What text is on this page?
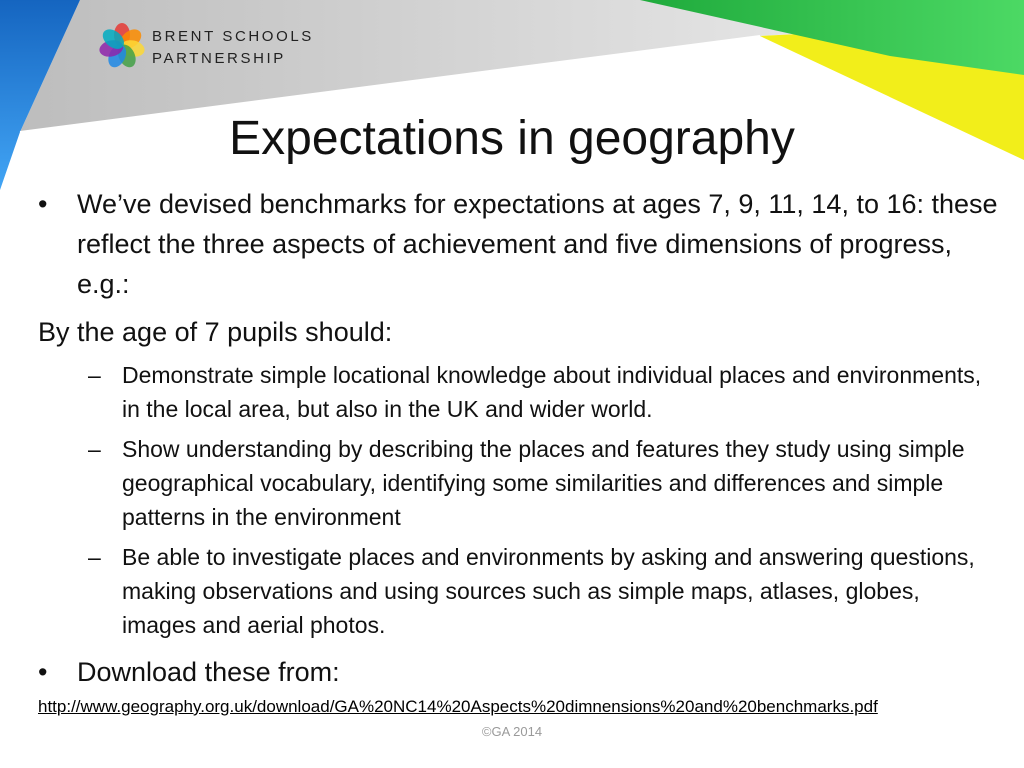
BRENT SCHOOLS
PARTNERSHIP
Expectations in geography
• We’ve devised benchmarks for expectations at ages 7, 9, 11, 14, to 16: these reflect the three aspects of achievement and five dimensions of progress, e.g.:
By the age of 7 pupils should:
– Demonstrate simple locational knowledge about individual places and environments, in the local area, but also in the UK and wider world.
– Show understanding by describing the places and features they study using simple geographical vocabulary, identifying some similarities and differences and simple patterns in the environment
– Be able to investigate places and environments by asking and answering questions, making observations and using sources such as simple maps, atlases, globes, images and aerial photos.
• Download these from:
http://www.geography.org.uk/download/GA%20NC14%20Aspects%20dimnensions%20and%20benchmarks.pdf
©GA 2014
